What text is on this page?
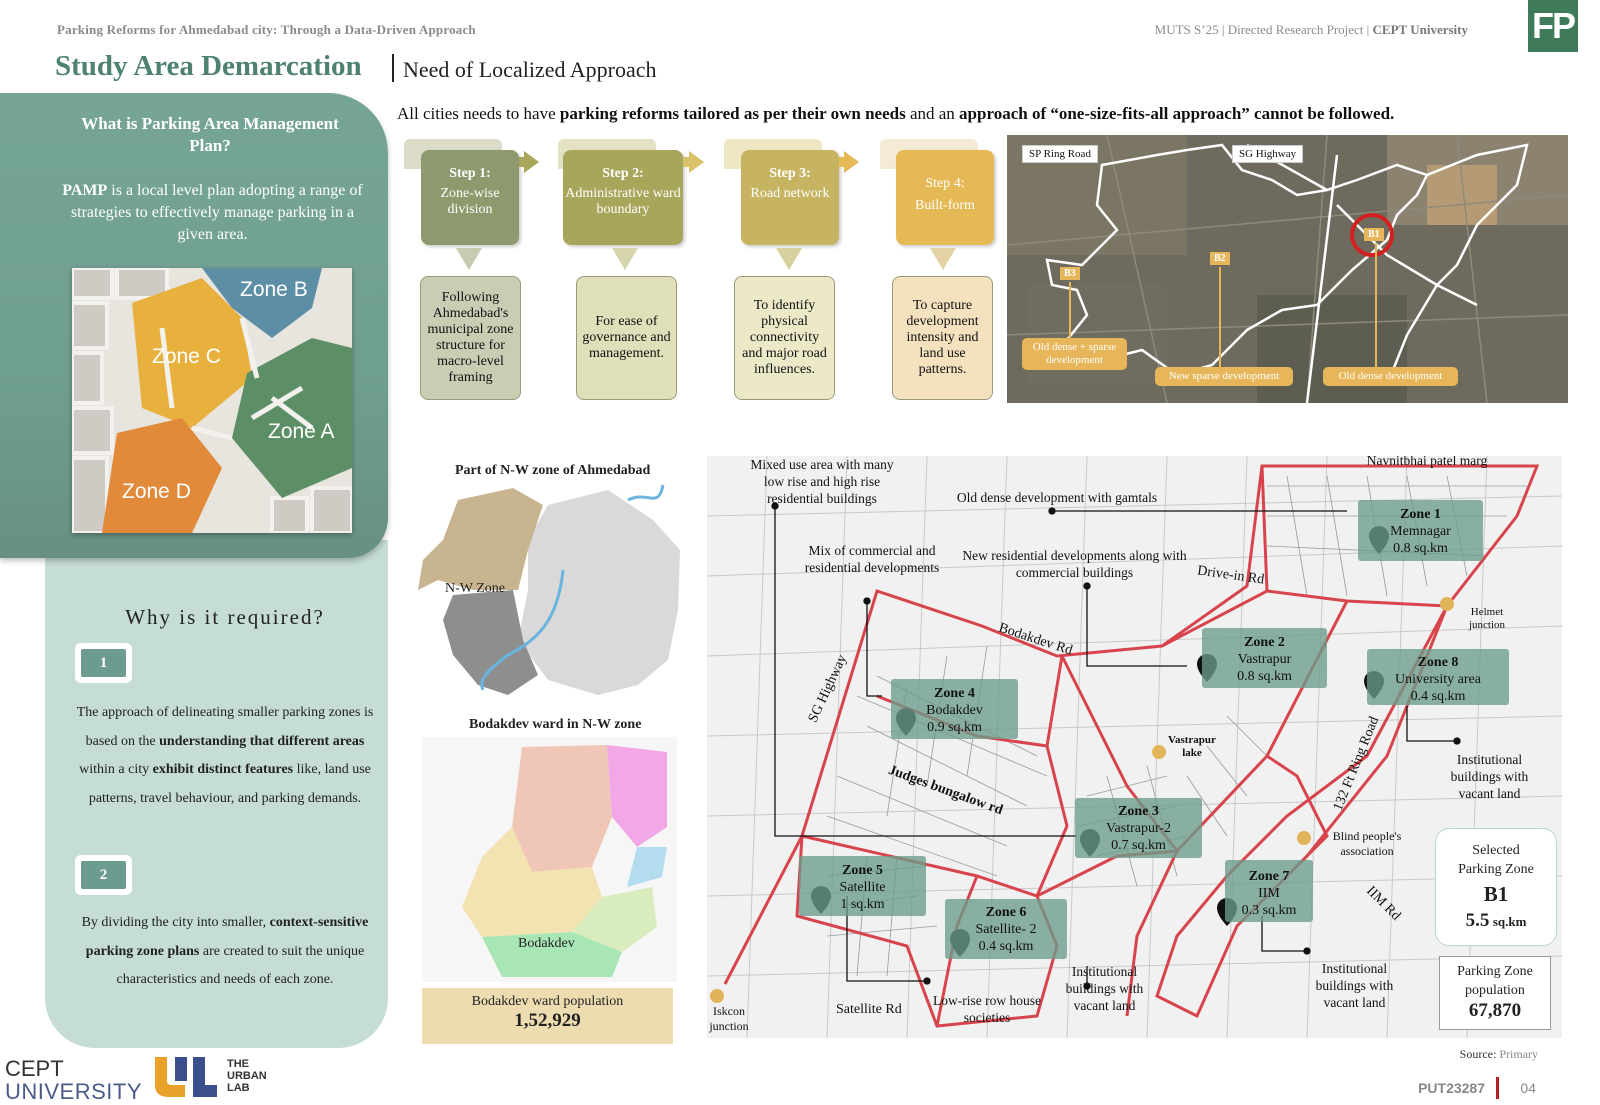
Parking Reforms for Ahmedabad city: Through a Data-Driven Approach	MUTS S’25 | Directed Research Project | CEPT University FP
Study Area Demarcation Need of Localized Approach
All cities needs to have parking reforms tailored as per their own needs and an approach of “one-size-fits-all approach” cannot be followed.
What is Parking Area Management Plan?
PAMP is a local level plan adopting a range of strategies to effectively manage parking in a given area.
Zone B
Zone C
Zone A
Zone D
Why is it required?
1
The approach of delineating smaller parking zones is based on the understanding that different areas within a city exhibit distinct features like, land use patterns, travel behaviour, and parking demands.
2
By dividing the city into smaller, context-sensitive parking zone plans are created to suit the unique characteristics and needs of each zone.
Step 1:
Zone-wise division
Following Ahmedabad's municipal zone structure for macro-level framing
Step 2:
Administrative ward boundary
For ease of governance and management.
Step 3:
Road network
To identify physical connectivity and major road influences.
Step 4:
Built-form
To capture development intensity and land use patterns.
SP Ring Road	SG Highway
B3
B2
B1
Old dense + sparse development
New sparse development	Old dense development
Part of N-W zone of Ahmedabad
N-W Zone
Bodakdev ward in N-W zone
Bodakdev
Bodakdev ward population
1,52,929
Zone 1
Memnagar
0.8 sq.km
Zone 2
Vastrapur
0.8 sq.km
Zone 8
University area
0.4 sq.km
Zone 4
Bodakdev
0.9 sq.km
Zone 3
Vastrapur-2
0.7 sq.km
Zone 5
Satellite
1 sq.km
Zone 6
Satellite- 2
0.4 sq.km
Zone 7
IIM
0.3 sq.km
Mixed use area with many low rise and high rise residential buildings	Old dense development with gamtals
Mix of commercial and residential developments
New residential developments along with commercial buildings
Navnitbhai patel marg
Drive-in Rd
Bodakdev Rd
SG Highway
Judges bungalow rd
Helmet junction
132 Ft Ring Road
Vastrapur lake	Institutional buildings with vacant land
Blind people's association
IIM Rd
Institutional buildings with vacant land
Institutional buildings with vacant land
Low-rise row house societies
Satellite Rd
Iskcon junction
Selected Parking Zone
B1
5.5 sq.km
Parking Zone population
67,870
Source: Primary
PUT23287	04
CEPT
UNIVERSITY
THE
URBAN
LAB
